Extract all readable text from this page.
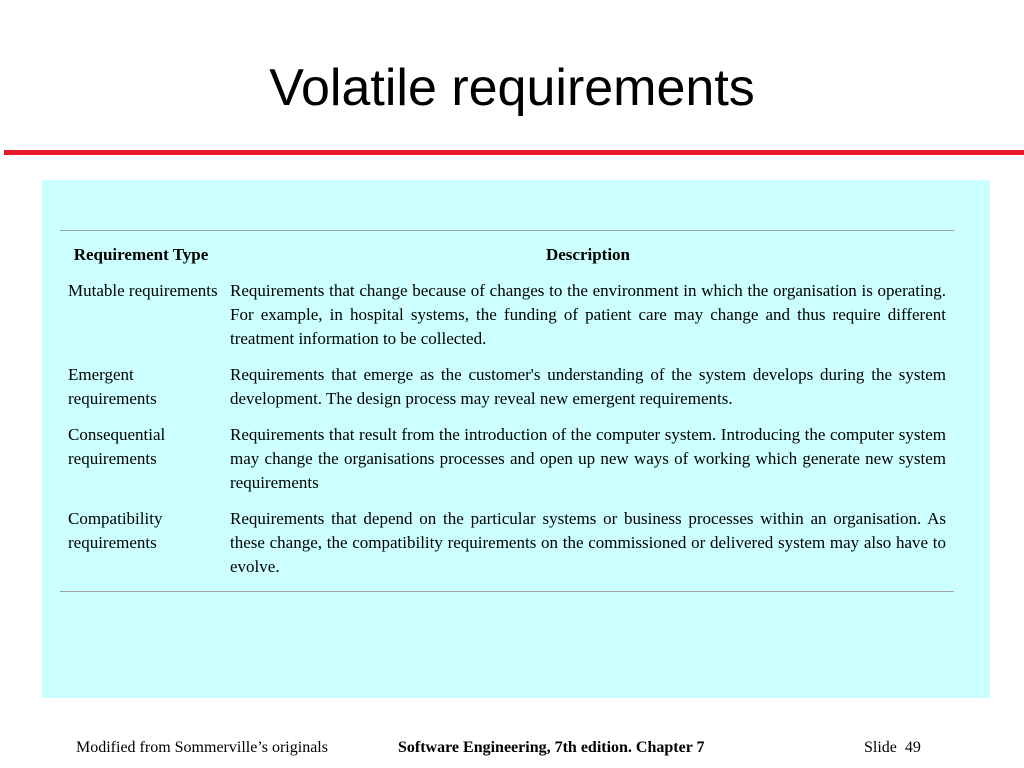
Volatile requirements
Requirement Type	Description
Mutable requirements	Requirements that change because of changes to the environment in which the organisation is operating. For example, in hospital systems, the funding of patient care may change and thus require different treatment information to be collected.
Emergent requirements	Requirements that emerge as the customer's understanding of the system develops during the system development. The design process may reveal new emergent requirements.
Consequential requirements	Requirements that result from the introduction of the computer system. Introducing the computer system may change the organisations processes and open up new ways of working which generate new system requirements
Compatibility requirements	Requirements that depend on the particular systems or business processes within an organisation. As these change, the compatibility requirements on the commissioned or delivered system may also have to evolve.
Modified from Sommerville’s originals	Software Engineering, 7th edition. Chapter 7	Slide  49
